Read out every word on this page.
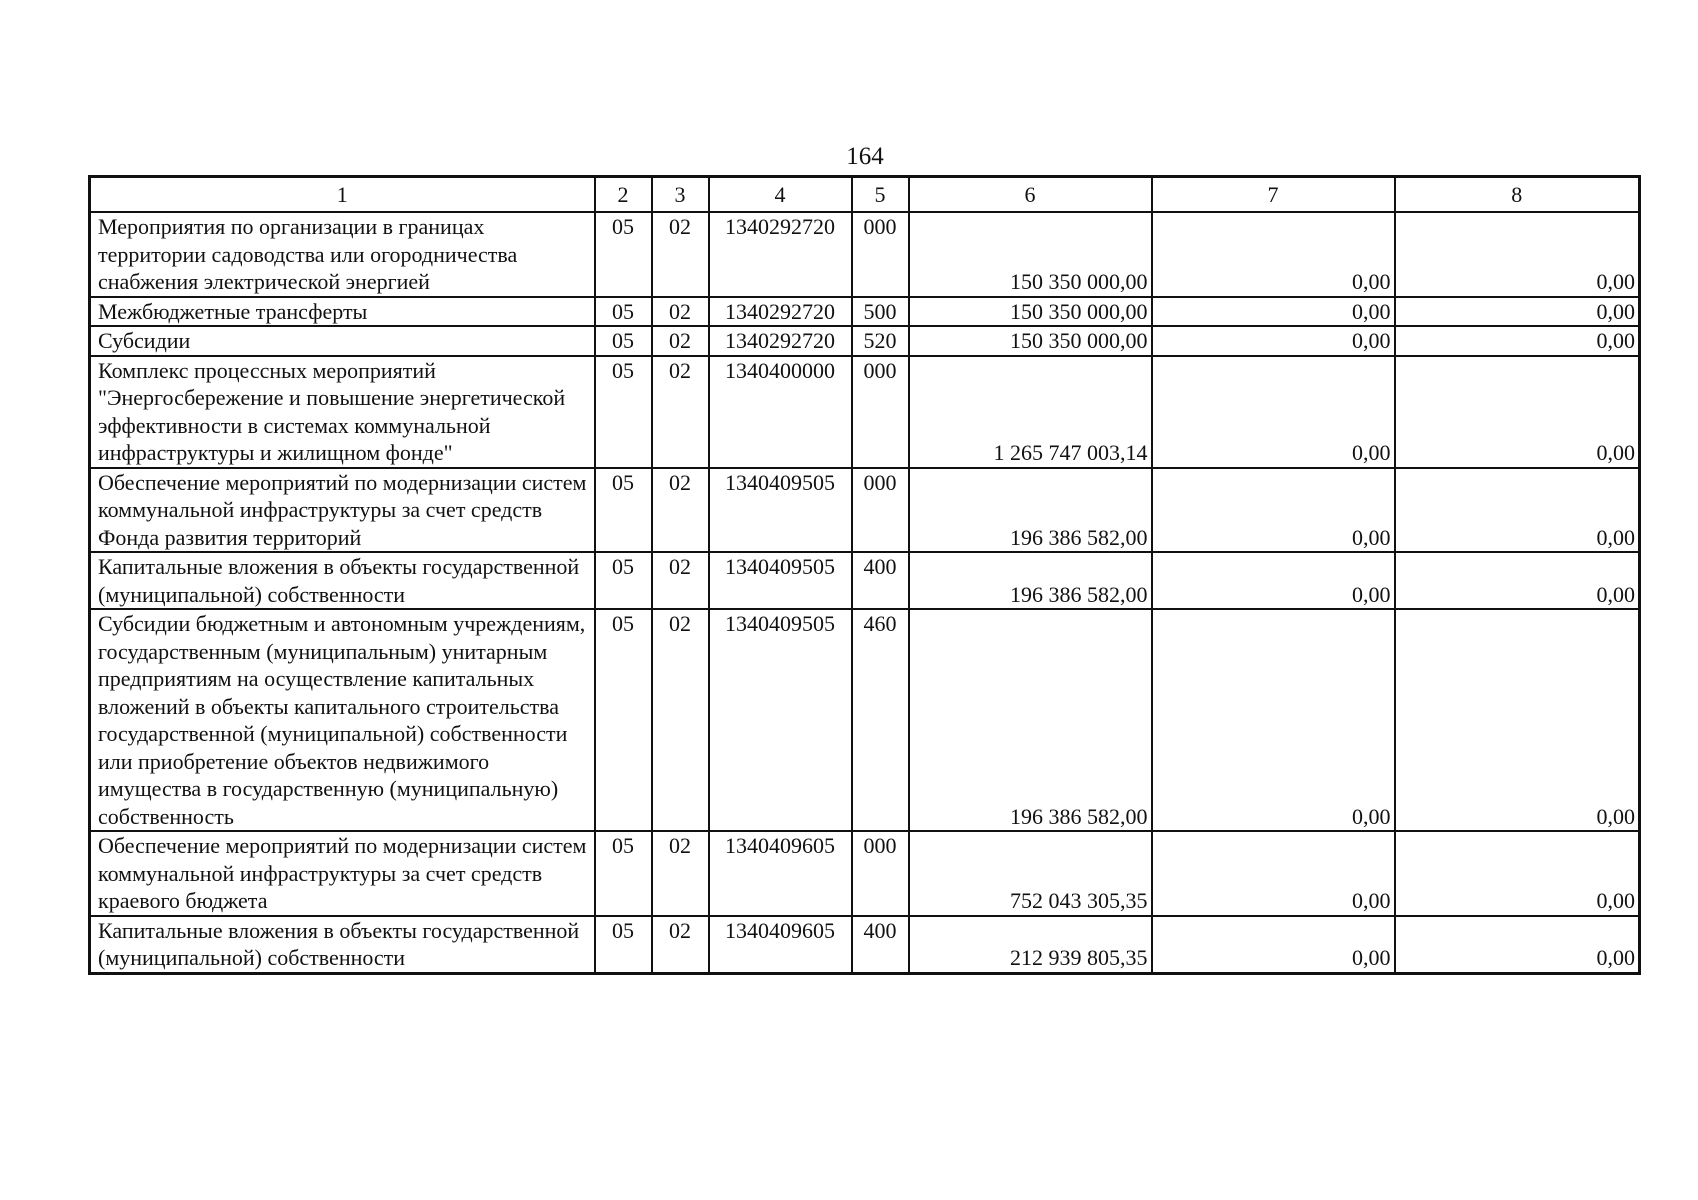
164
1	2	3	4	5	6	7	8
Мероприятия по организации в границах территории садоводства или огородничества снабжения электрической энергией	05	02	1340292720	000	150 350 000,00	0,00	0,00
Межбюджетные трансферты	05	02	1340292720	500	150 350 000,00	0,00	0,00
Субсидии	05	02	1340292720	520	150 350 000,00	0,00	0,00
Комплекс процессных мероприятий "Энергосбережение и повышение энергетической эффективности в системах коммунальной инфраструктуры и жилищном фонде"	05	02	1340400000	000	1 265 747 003,14	0,00	0,00
Обеспечение мероприятий по модернизации систем коммунальной инфраструктуры за счет средств Фонда развития территорий	05	02	1340409505	000	196 386 582,00	0,00	0,00
Капитальные вложения в объекты государственной (муниципальной) собственности	05	02	1340409505	400	196 386 582,00	0,00	0,00
Субсидии бюджетным и автономным учреждениям, государственным (муниципальным) унитарным предприятиям на осуществление капитальных вложений в объекты капитального строительства государственной (муниципальной) собственности или приобретение объектов недвижимого имущества в государственную (муниципальную) собственность	05	02	1340409505	460	196 386 582,00	0,00	0,00
Обеспечение мероприятий по модернизации систем коммунальной инфраструктуры за счет средств краевого бюджета	05	02	1340409605	000	752 043 305,35	0,00	0,00
Капитальные вложения в объекты государственной (муниципальной) собственности	05	02	1340409605	400	212 939 805,35	0,00	0,00
